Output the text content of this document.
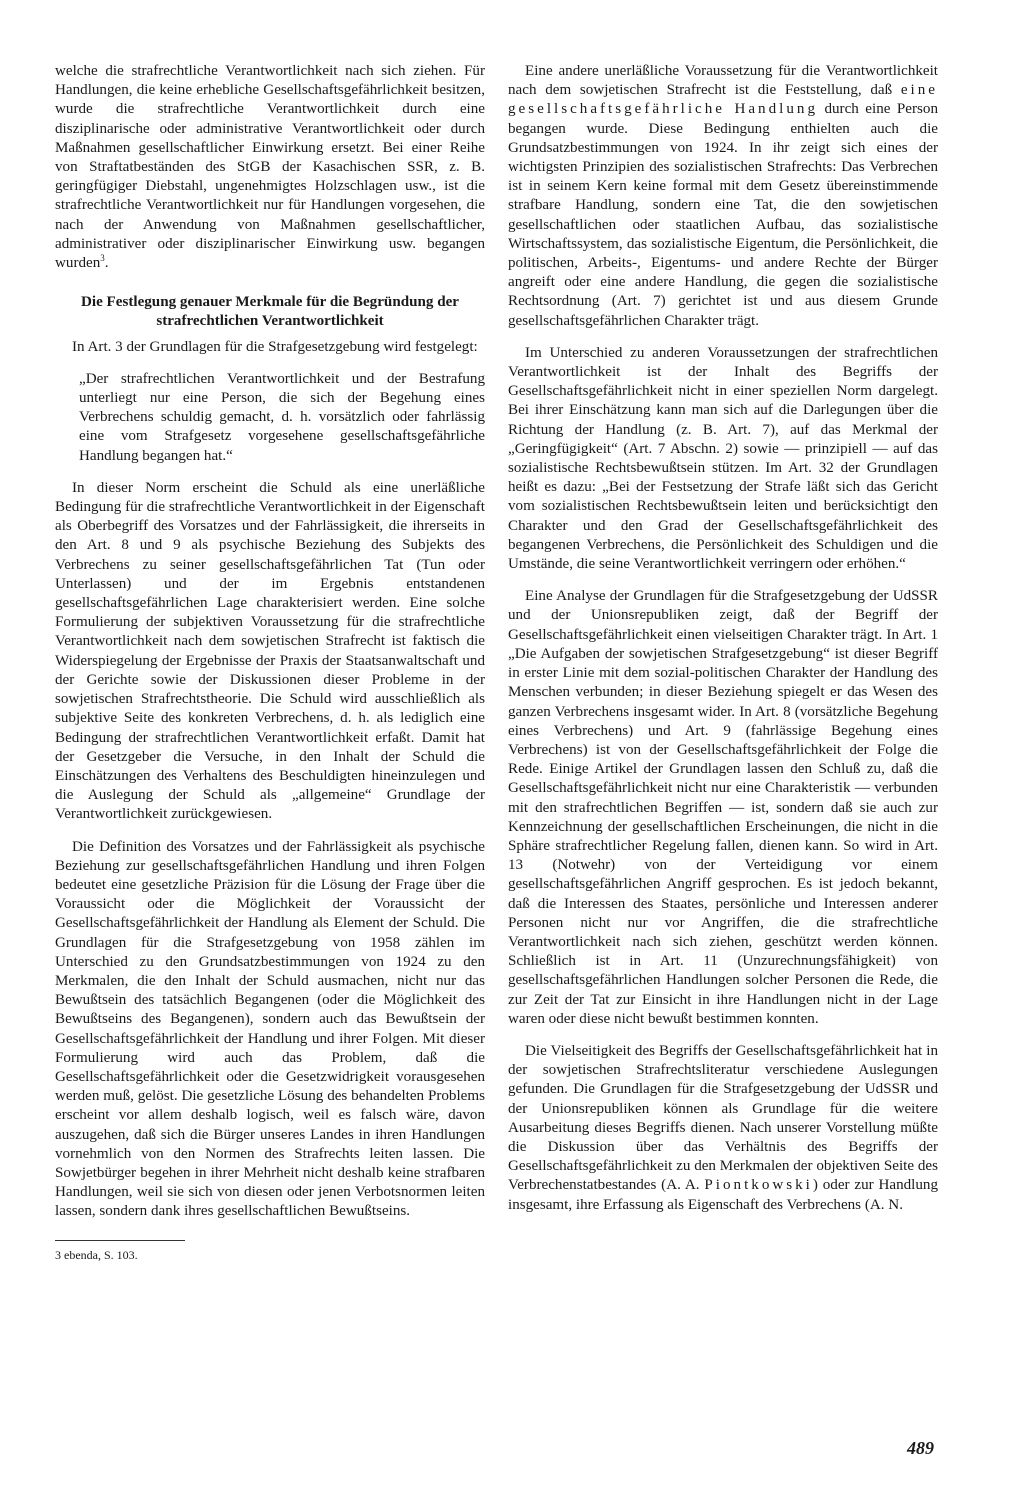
welche die strafrechtliche Verantwortlichkeit nach sich ziehen. Für Handlungen, die keine erhebliche Gesellschaftsgefährlichkeit besitzen, wurde die strafrechtliche Verantwortlichkeit durch eine disziplinarische oder administrative Verantwortlichkeit oder durch Maßnahmen gesellschaftlicher Einwirkung ersetzt. Bei einer Reihe von Straftatbeständen des StGB der Kasachischen SSR, z. B. geringfügiger Diebstahl, ungenehmigtes Holzschlagen usw., ist die strafrechtliche Verantwortlichkeit nur für Handlungen vorgesehen, die nach der Anwendung von Maßnahmen gesellschaftlicher, administrativer oder disziplinarischer Einwirkung usw. begangen wurden$^3$.

Die Festlegung genauer Merkmale für die Begründung der strafrechtlichen Verantwortlichkeit

In Art. 3 der Grundlagen für die Strafgesetzgebung wird festgelegt:

„Der strafrechtlichen Verantwortlichkeit und der Bestrafung unterliegt nur eine Person, die sich der Begehung eines Verbrechens schuldig gemacht, d. h. vorsätzlich oder fahrlässig eine vom Strafgesetz vorgesehene gesellschaftsgefährliche Handlung begangen hat.“

In dieser Norm erscheint die Schuld als eine unerläßliche Bedingung für die strafrechtliche Verantwortlichkeit in der Eigenschaft als Oberbegriff des Vorsatzes und der Fahrlässigkeit, die ihrerseits in den Art. 8 und 9 als psychische Beziehung des Subjekts des Verbrechens zu seiner gesellschaftsgefährlichen Tat (Tun oder Unterlassen) und der im Ergebnis entstandenen gesellschaftsgefährlichen Lage charakterisiert werden. Eine solche Formulierung der subjektiven Voraussetzung für die strafrechtliche Verantwortlichkeit nach dem sowjetischen Strafrecht ist faktisch die Widerspiegelung der Ergebnisse der Praxis der Staatsanwaltschaft und der Gerichte sowie der Diskussionen dieser Probleme in der sowjetischen Strafrechtstheorie. Die Schuld wird ausschließlich als subjektive Seite des konkreten Verbrechens, d. h. als lediglich eine Bedingung der strafrechtlichen Verantwortlichkeit erfaßt. Damit hat der Gesetzgeber die Versuche, in den Inhalt der Schuld die Einschätzungen des Verhaltens des Beschuldigten hineinzulegen und die Auslegung der Schuld als „allgemeine“ Grundlage der Verantwortlichkeit zurückgewiesen.

Die Definition des Vorsatzes und der Fahrlässigkeit als psychische Beziehung zur gesellschaftsgefährlichen Handlung und ihren Folgen bedeutet eine gesetzliche Präzision für die Lösung der Frage über die Voraussicht oder die Möglichkeit der Voraussicht der Gesellschaftsgefährlichkeit der Handlung als Element der Schuld. Die Grundlagen für die Strafgesetzgebung von 1958 zählen im Unterschied zu den Grundsatzbestimmungen von 1924 zu den Merkmalen, die den Inhalt der Schuld ausmachen, nicht nur das Bewußtsein des tatsächlich Begangenen (oder die Möglichkeit des Bewußtseins des Begangenen), sondern auch das Bewußtsein der Gesellschaftsgefährlichkeit der Handlung und ihrer Folgen. Mit dieser Formulierung wird auch das Problem, daß die Gesellschaftsgefährlichkeit oder die Gesetzwidrigkeit vorausgesehen werden muß, gelöst. Die gesetzliche Lösung des behandelten Problems erscheint vor allem deshalb logisch, weil es falsch wäre, davon auszugehen, daß sich die Bürger unseres Landes in ihren Handlungen vornehmlich von den Normen des Strafrechts leiten lassen. Die Sowjetbürger begehen in ihrer Mehrheit nicht deshalb keine strafbaren Handlungen, weil sie sich von diesen oder jenen Verbotsnormen leiten lassen, sondern dank ihres gesellschaftlichen Bewußtseins.

3 ebenda, S. 103.

Eine andere unerläßliche Voraussetzung für die Verantwortlichkeit nach dem sowjetischen Strafrecht ist die Feststellung, daß eine gesellschaftsgefährliche Handlung durch eine Person begangen wurde. Diese Bedingung enthielten auch die Grundsatzbestimmungen von 1924. In ihr zeigt sich eines der wichtigsten Prinzipien des sozialistischen Strafrechts: Das Verbrechen ist in seinem Kern keine formal mit dem Gesetz übereinstimmende strafbare Handlung, sondern eine Tat, die den sowjetischen gesellschaftlichen oder staatlichen Aufbau, das sozialistische Wirtschaftssystem, das sozialistische Eigentum, die Persönlichkeit, die politischen, Arbeits-, Eigentums- und andere Rechte der Bürger angreift oder eine andere Handlung, die gegen die sozialistische Rechtsordnung (Art. 7) gerichtet ist und aus diesem Grunde gesellschaftsgefährlichen Charakter trägt.

Im Unterschied zu anderen Voraussetzungen der strafrechtlichen Verantwortlichkeit ist der Inhalt des Begriffs der Gesellschaftsgefährlichkeit nicht in einer speziellen Norm dargelegt. Bei ihrer Einschätzung kann man sich auf die Darlegungen über die Richtung der Handlung (z. B. Art. 7), auf das Merkmal der „Geringfügigkeit“ (Art. 7 Abschn. 2) sowie — prinzipiell — auf das sozialistische Rechtsbewußtsein stützen. Im Art. 32 der Grundlagen heißt es dazu: „Bei der Festsetzung der Strafe läßt sich das Gericht vom sozialistischen Rechtsbewußtsein leiten und berücksichtigt den Charakter und den Grad der Gesellschaftsgefährlichkeit des begangenen Verbrechens, die Persönlichkeit des Schuldigen und die Umstände, die seine Verantwortlichkeit verringern oder erhöhen.“

Eine Analyse der Grundlagen für die Strafgesetzgebung der UdSSR und der Unionsrepubliken zeigt, daß der Begriff der Gesellschaftsgefährlichkeit einen vielseitigen Charakter trägt. In Art. 1 „Die Aufgaben der sowjetischen Strafgesetzgebung“ ist dieser Begriff in erster Linie mit dem sozial-politischen Charakter der Handlung des Menschen verbunden; in dieser Beziehung spiegelt er das Wesen des ganzen Verbrechens insgesamt wider. In Art. 8 (vorsätzliche Begehung eines Verbrechens) und Art. 9 (fahrlässige Begehung eines Verbrechens) ist von der Gesellschaftsgefährlichkeit der Folge die Rede. Einige Artikel der Grundlagen lassen den Schluß zu, daß die Gesellschaftsgefährlichkeit nicht nur eine Charakteristik — verbunden mit den strafrechtlichen Begriffen — ist, sondern daß sie auch zur Kennzeichnung der gesellschaftlichen Erscheinungen, die nicht in die Sphäre strafrechtlicher Regelung fallen, dienen kann. So wird in Art. 13 (Notwehr) von der Verteidigung vor einem gesellschaftsgefährlichen Angriff gesprochen. Es ist jedoch bekannt, daß die Interessen des Staates, persönliche und Interessen anderer Personen nicht nur vor Angriffen, die die strafrechtliche Verantwortlichkeit nach sich ziehen, geschützt werden können. Schließlich ist in Art. 11 (Unzurechnungsfähigkeit) von gesellschaftsgefährlichen Handlungen solcher Personen die Rede, die zur Zeit der Tat zur Einsicht in ihre Handlungen nicht in der Lage waren oder diese nicht bewußt bestimmen konnten.

Die Vielseitigkeit des Begriffs der Gesellschaftsgefährlichkeit hat in der sowjetischen Strafrechtsliteratur verschiedene Auslegungen gefunden. Die Grundlagen für die Strafgesetzgebung der UdSSR und der Unionsrepubliken können als Grundlage für die weitere Ausarbeitung dieses Begriffs dienen. Nach unserer Vorstellung müßte die Diskussion über das Verhältnis des Begriffs der Gesellschaftsgefährlichkeit zu den Merkmalen der objektiven Seite des Verbrechenstatbestandes (A. A. Piontkowski) oder zur Handlung insgesamt, ihre Erfassung als Eigenschaft des Verbrechens (A. N.

489
